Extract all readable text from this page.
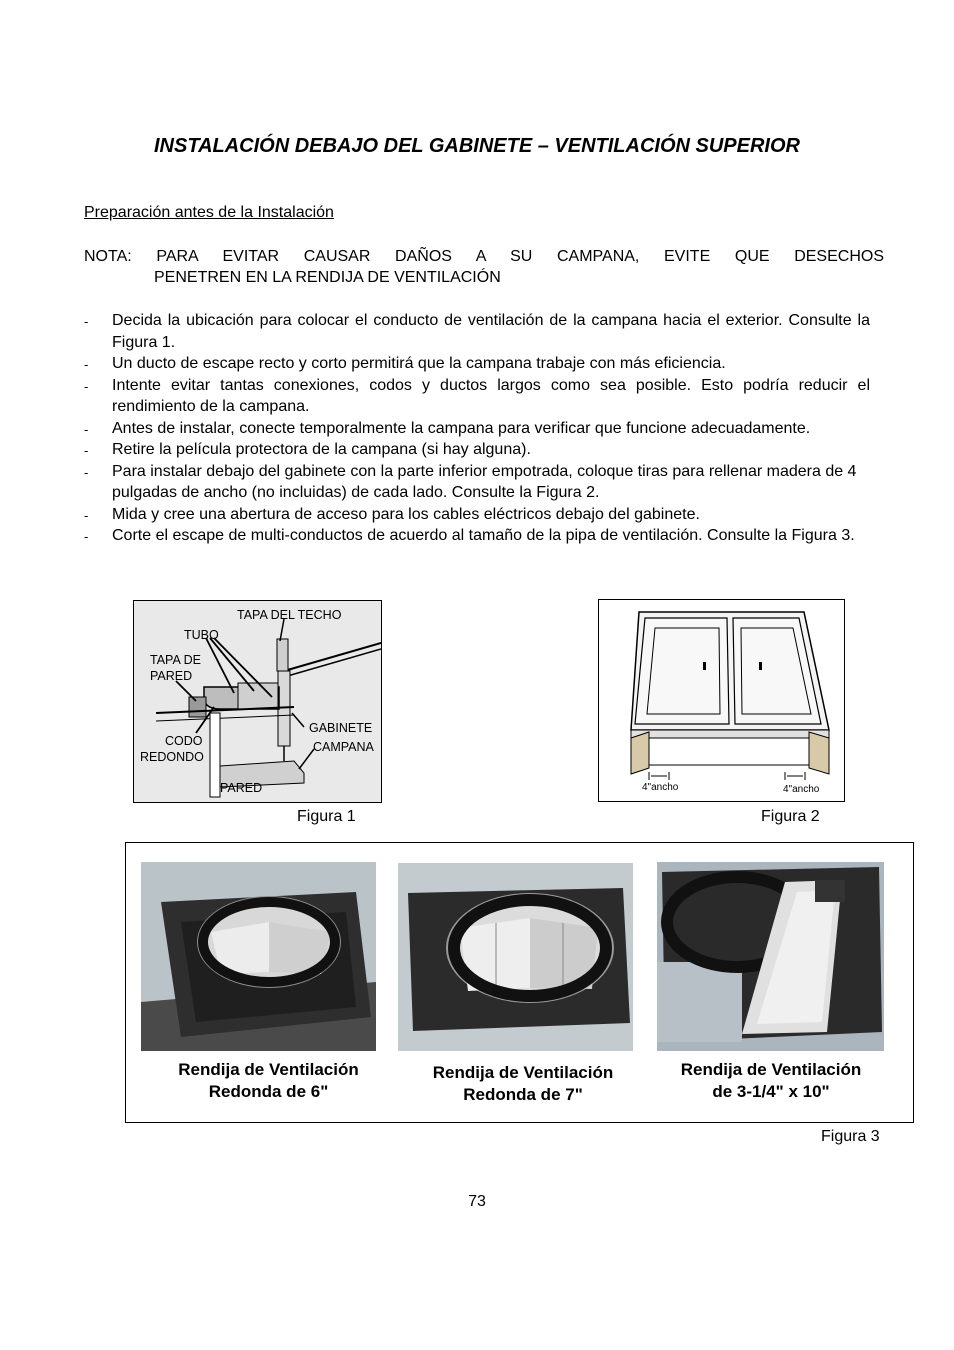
INSTALACIÓN DEBAJO DEL GABINETE – VENTILACIÓN SUPERIOR
Preparación antes de la Instalación
NOTA: PARA EVITAR CAUSAR DAÑOS A SU CAMPANA, EVITE QUE DESECHOS
PENETREN EN LA RENDIJA DE VENTILACIÓN
- Decida la ubicación para colocar el conducto de ventilación de la campana hacia el exterior. Consulte la Figura 1.
- Un ducto de escape recto y corto permitirá que la campana trabaje con más eficiencia.
- Intente evitar tantas conexiones, codos y ductos largos como sea posible. Esto podría reducir el rendimiento de la campana.
- Antes de instalar, conecte temporalmente la campana para verificar que funcione adecuadamente.
- Retire la película protectora de la campana (si hay alguna).
- Para instalar debajo del gabinete con la parte inferior empotrada, coloque tiras para rellenar madera de 4 pulgadas de ancho (no incluidas) de cada lado. Consulte la Figura 2.
- Mida y cree una abertura de acceso para los cables eléctricos debajo del gabinete.
- Corte el escape de multi-conductos de acuerdo al tamaño de la pipa de ventilación. Consulte la Figura 3.
TAPA DEL TECHO
TUBO
TAPA DE
PARED
CODO
REDONDO
GABINETE
CAMPANA
PARED
Figura 1
4"ancho	4"ancho
Figura 2
Rendija de Ventilación
Redonda de 6"
Rendija de Ventilación
Redonda de 7"
Rendija de Ventilación
de 3-1/4" x 10"
Figura 3
73
